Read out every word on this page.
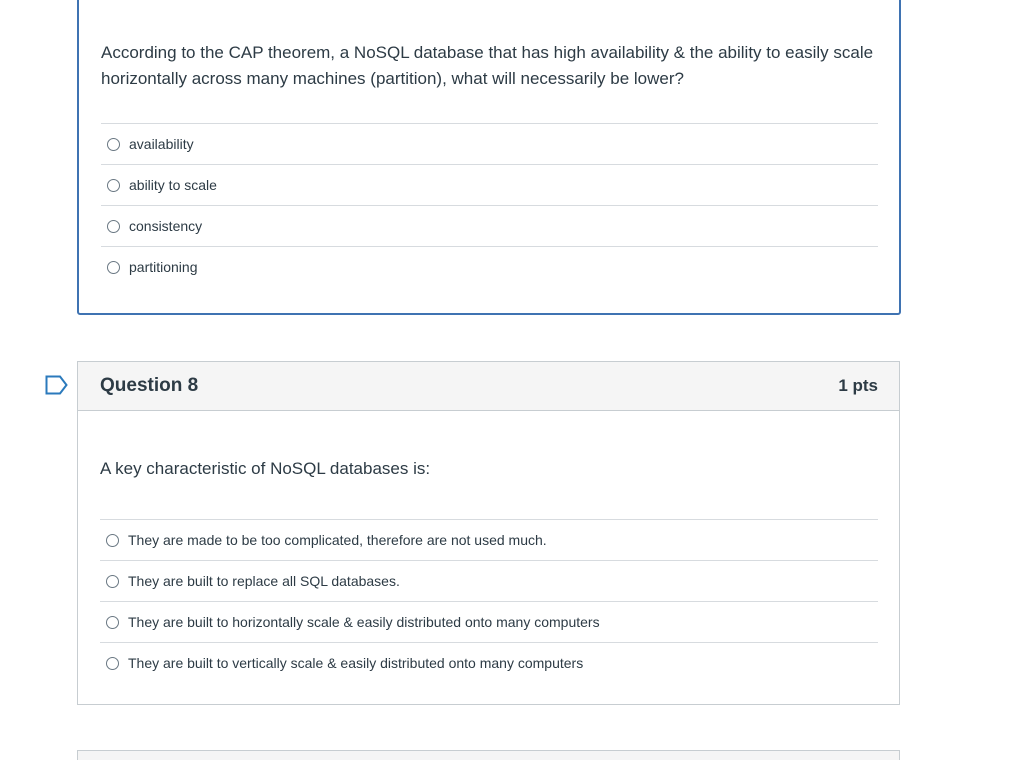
According to the CAP theorem, a NoSQL database that has high availability & the ability to easily scale horizontally across many machines (partition), what will necessarily be lower?
availability
ability to scale
consistency
partitioning
Question 8	1 pts
A key characteristic of NoSQL databases is:
They are made to be too complicated, therefore are not used much.
They are built to replace all SQL databases.
They are built to horizontally scale & easily distributed onto many computers
They are built to vertically scale & easily distributed onto many computers
